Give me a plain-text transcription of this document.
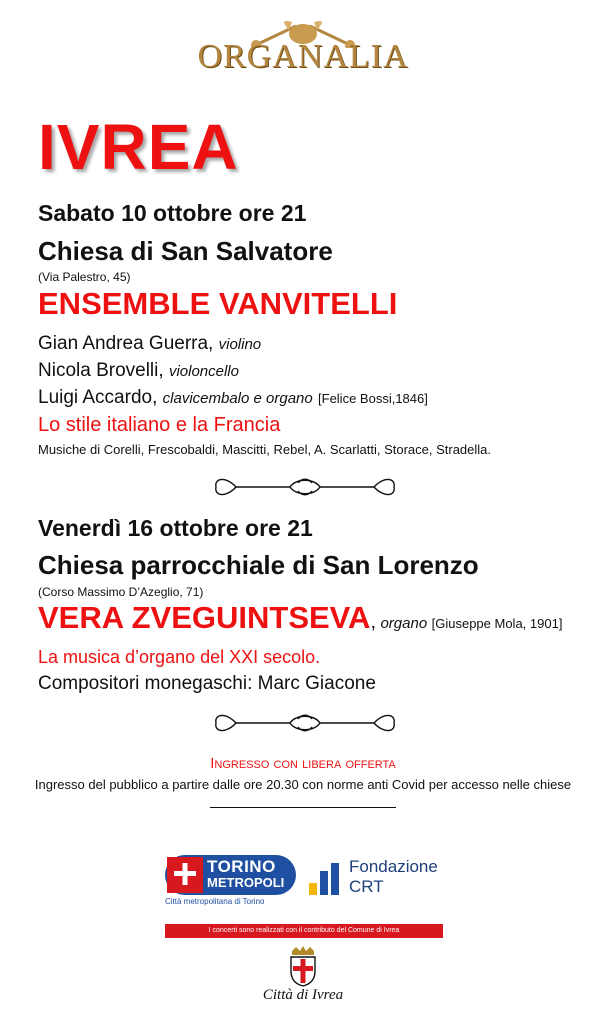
ORGANALIA
IVREA
Sabato 10 ottobre ore 21
Chiesa di San Salvatore
(Via Palestro, 45)
ENSEMBLE VANVITELLI
Gian Andrea Guerra, violino
Nicola Brovelli, violoncello
Luigi Accardo, clavicembalo e organo [Felice Bossi,1846]
Lo stile italiano e la Francia
Musiche di Corelli, Frescobaldi, Mascitti, Rebel, A. Scarlatti, Storace, Stradella.
Venerdì 16 ottobre ore 21
Chiesa parrocchiale di San Lorenzo
(Corso Massimo D’Azeglio, 71)
VERA ZVEGUINTSEVA, organo [Giuseppe Mola, 1901]
La musica d’organo del XXI secolo.
Compositori monegaschi: Marc Giacone
Ingresso con libera offerta
Ingresso del pubblico a partire dalle ore 20.30 con norme anti Covid per accesso nelle chiese
TORINO
METROPOLI
Città metropolitana di Torino
Fondazione
CRT
I concerti sono realizzati con il contributo del Comune di Ivrea
Città di Ivrea
